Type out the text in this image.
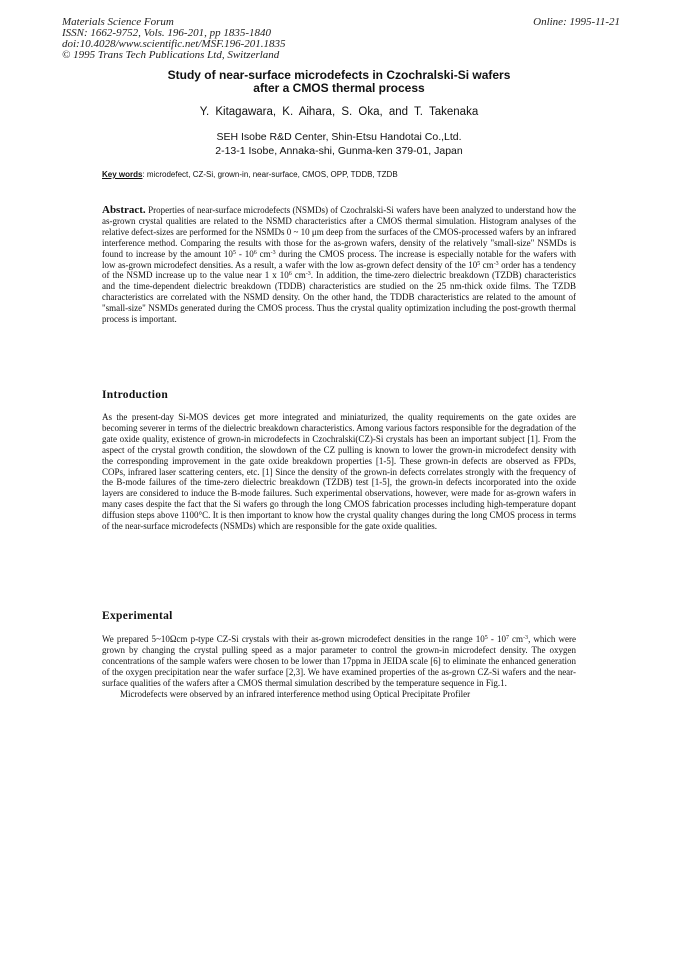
Materials Science Forum
ISSN: 1662-9752, Vols. 196-201, pp 1835-1840
doi:10.4028/www.scientific.net/MSF.196-201.1835
© 1995 Trans Tech Publications Ltd, Switzerland
Online: 1995-11-21
Study of near-surface microdefects in Czochralski-Si wafers
after a CMOS thermal process
Y. Kitagawara, K. Aihara, S. Oka, and T. Takenaka
SEH Isobe R&D Center, Shin-Etsu Handotai Co.,Ltd.
2-13-1 Isobe, Annaka-shi, Gunma-ken 379-01, Japan
Key words: microdefect, CZ-Si, grown-in, near-surface, CMOS, OPP, TDDB, TZDB

Abstract. Properties of near-surface microdefects (NSMDs) of Czochralski-Si wafers have been analyzed to understand how the as-grown crystal qualities are related to the NSMD characteristics after a CMOS thermal simulation. Histogram analyses of the relative defect-sizes are performed for the NSMDs 0 ~ 10 μm deep from the surfaces of the CMOS-processed wafers by an infrared interference method. Comparing the results with those for the as-grown wafers, density of the relatively "small-size" NSMDs is found to increase by the amount $10^5 - 10^6$ $cm^{-3}$ during the CMOS process. The increase is especially notable for the wafers with low as-grown microdefect densities. As a result, a wafer with the low as-grown defect density of the $10^5$ $cm^{-3}$ order has a tendency of the NSMD increase up to the value near 1 x $10^6$ $cm^{-3}$. In addition, the time-zero dielectric breakdown (TZDB) characteristics and the time-dependent dielectric breakdown (TDDB) characteristics are studied on the 25 nm-thick oxide films. The TZDB characteristics are correlated with the NSMD density. On the other hand, the TDDB characteristics are related to the amount of "small-size" NSMDs generated during the CMOS process. Thus the crystal quality optimization including the post-growth thermal process is important.

Introduction

As the present-day Si-MOS devices get more integrated and miniaturized, the quality requirements on the gate oxides are becoming severer in terms of the dielectric breakdown characteristics. Among various factors responsible for the degradation of the gate oxide quality, existence of grown-in microdefects in Czochralski(CZ)-Si crystals has been an important subject [1]. From the aspect of the crystal growth condition, the slowdown of the CZ pulling is known to lower the grown-in microdefect density with the corresponding improvement in the gate oxide breakdown properties [1-5]. These grown-in defects are observed as FPDs, COPs, infrared laser scattering centers, etc. [1] Since the density of the grown-in defects correlates strongly with the frequency of the B-mode failures of the time-zero dielectric breakdown (TZDB) test [1-5], the grown-in defects incorporated into the oxide layers are considered to induce the B-mode failures. Such experimental observations, however, were made for as-grown wafers in many cases despite the fact that the Si wafers go through the long CMOS fabrication processes including high-temperature dopant diffusion steps above 1100°C. It is then important to know how the crystal quality changes during the long CMOS process in terms of the near-surface microdefects (NSMDs) which are responsible for the gate oxide qualities.

Experimental

We prepared 5~10Ωcm p-type CZ-Si crystals with their as-grown microdefect densities in the range $10^5 - 10^7$ $cm^{-3}$, which were grown by changing the crystal pulling speed as a major parameter to control the grown-in microdefect density. The oxygen concentrations of the sample wafers were chosen to be lower than 17ppma in JEIDA scale [6] to eliminate the enhanced generation of the oxygen precipitation near the wafer surface [2,3]. We have examined properties of the as-grown CZ-Si wafers and the near-surface qualities of the wafers after a CMOS thermal simulation described by the temperature sequence in Fig.1.

Microdefects were observed by an infrared interference method using Optical Precipitate Profiler
